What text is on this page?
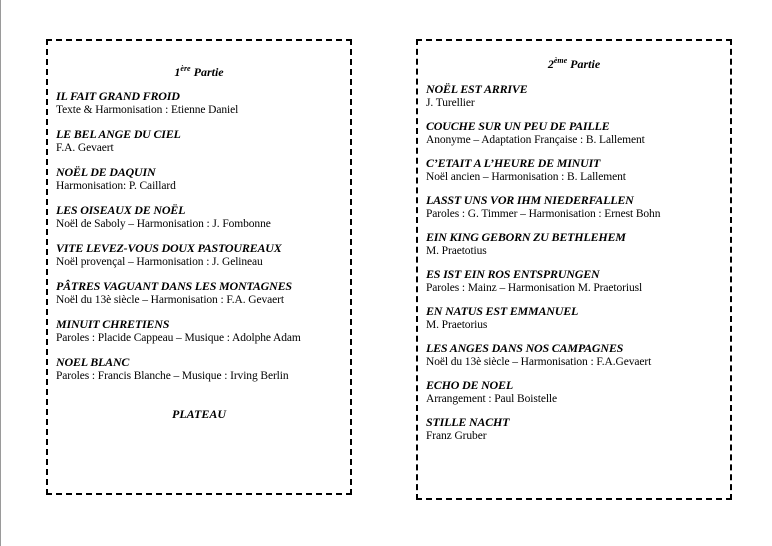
1ère Partie
IL FAIT GRAND FROID
Texte & Harmonisation : Etienne Daniel
LE BEL ANGE DU CIEL
F.A. Gevaert
NOËL DE DAQUIN
Harmonisation: P. Caillard
LES OISEAUX DE NOËL
Noël de Saboly – Harmonisation : J. Fombonne
VITE LEVEZ-VOUS DOUX PASTOUREAUX
Noël provençal – Harmonisation : J. Gelineau
PÂTRES VAGUANT DANS LES MONTAGNES
Noël du 13è siècle – Harmonisation : F.A. Gevaert
MINUIT CHRETIENS
Paroles : Placide Cappeau – Musique : Adolphe Adam
NOEL BLANC
Paroles : Francis Blanche – Musique : Irving Berlin
PLATEAU
2ème Partie
NOËL EST ARRIVE
J. Turellier
COUCHE SUR UN PEU DE PAILLE
Anonyme – Adaptation Française : B. Lallement
C’ETAIT A L’HEURE DE MINUIT
Noël ancien – Harmonisation : B. Lallement
LASST UNS VOR IHM NIEDERFALLEN
Paroles : G. Timmer – Harmonisation : Ernest Bohn
EIN KING GEBORN ZU BETHLEHEM
M. Praetotius
ES IST EIN ROS ENTSPRUNGEN
Paroles : Mainz – Harmonisation M. Praetoriusl
EN NATUS EST EMMANUEL
M. Praetorius
LES ANGES DANS NOS CAMPAGNES
Noël du 13è siècle – Harmonisation : F.A.Gevaert
ECHO DE NOEL
Arrangement : Paul Boistelle
STILLE NACHT
Franz Gruber
